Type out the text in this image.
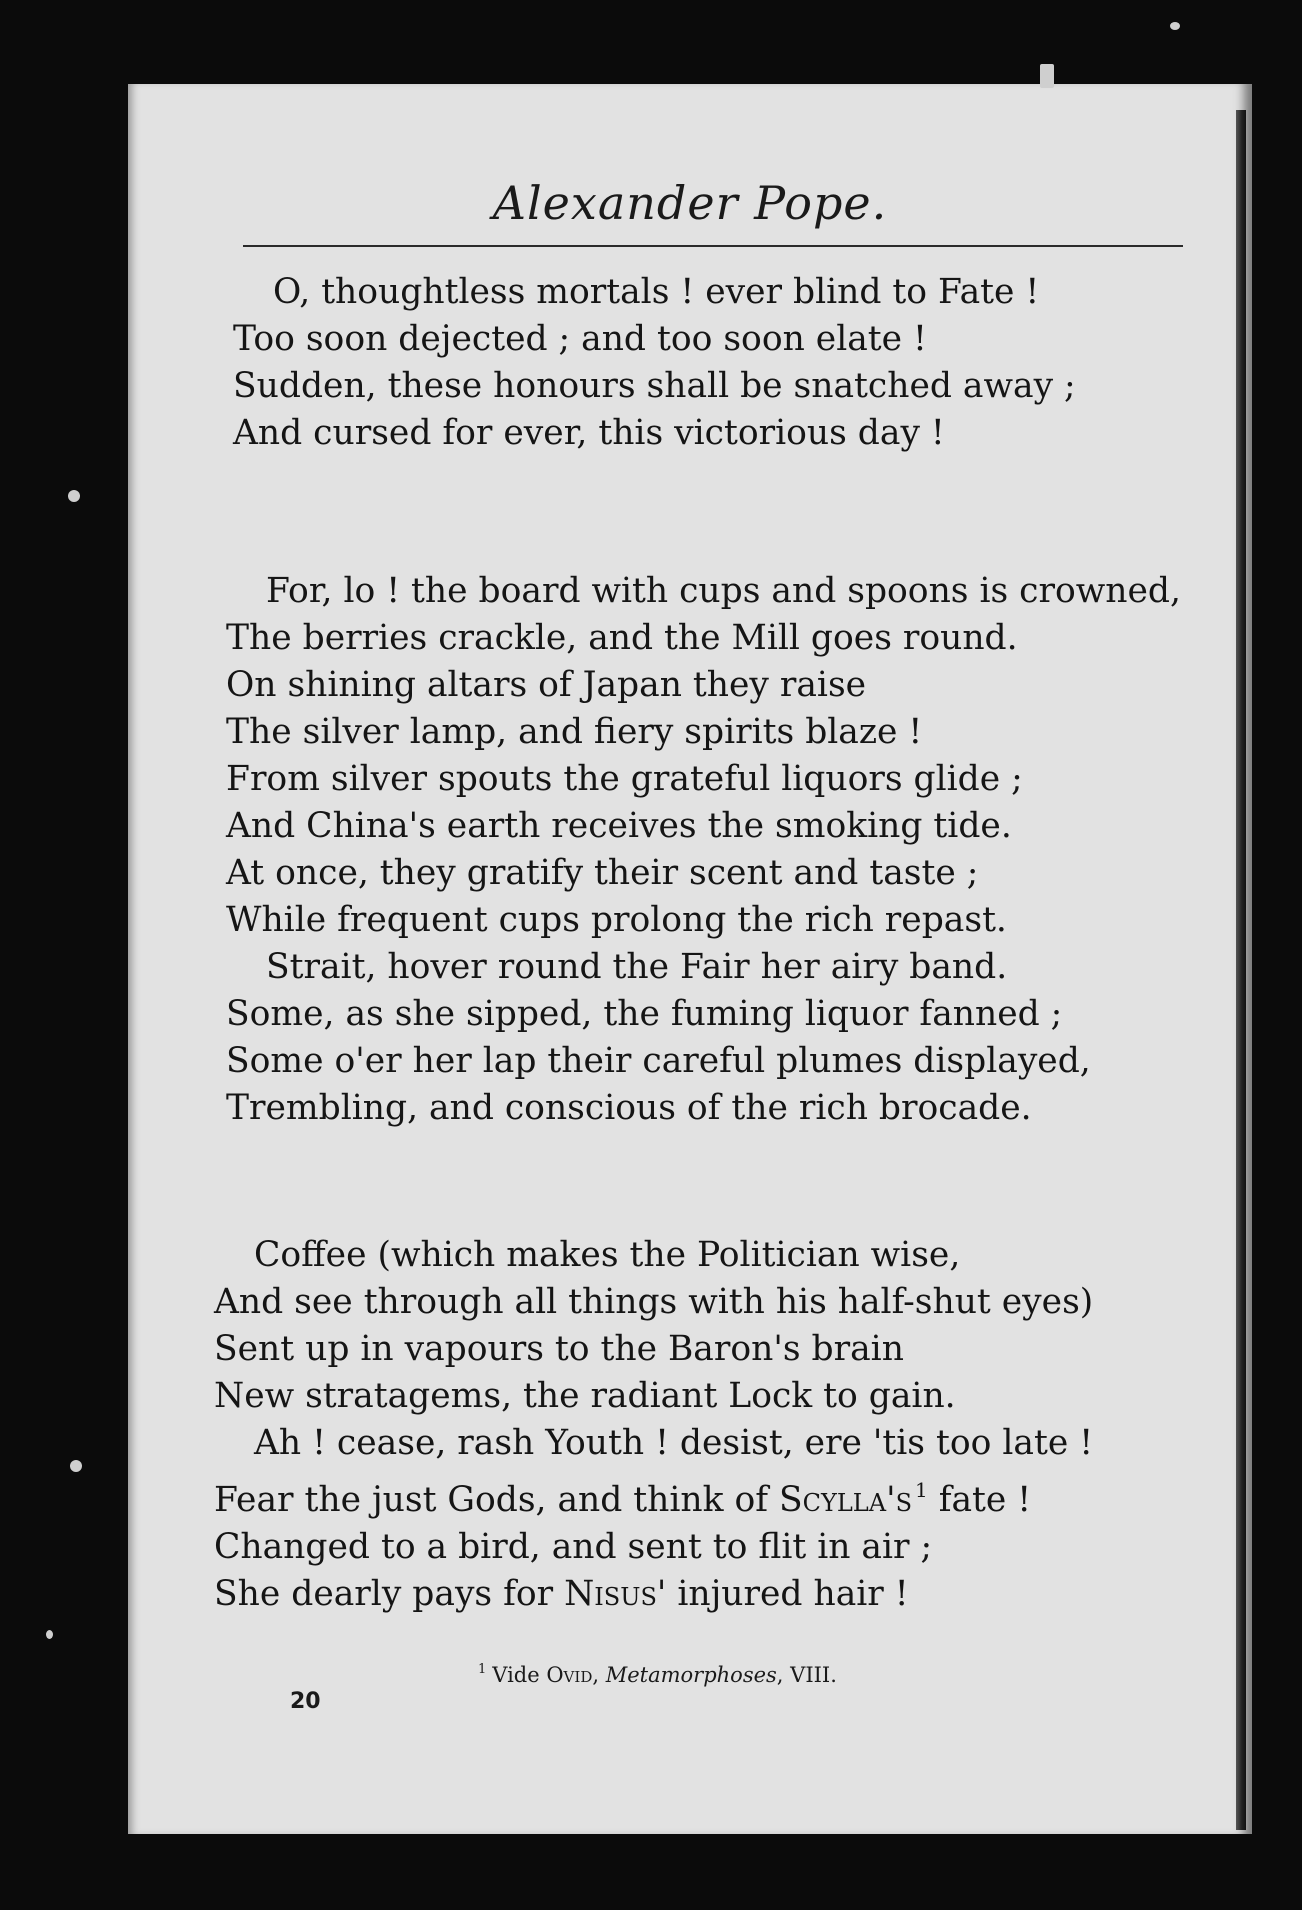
Alexander Pope.
O, thoughtless mortals ! ever blind to Fate !
Too soon dejected ; and too soon elate !
Sudden, these honours shall be snatched away ;
And cursed for ever, this victorious day !
For, lo ! the board with cups and spoons is crowned,
The berries crackle, and the Mill goes round.
On shining altars of Japan they raise
The silver lamp, and fiery spirits blaze !
From silver spouts the grateful liquors glide ;
And China's earth receives the smoking tide.
At once, they gratify their scent and taste ;
While frequent cups prolong the rich repast.
Strait, hover round the Fair her airy band.
Some, as she sipped, the fuming liquor fanned ;
Some o'er her lap their careful plumes displayed,
Trembling, and conscious of the rich brocade.
Coffee (which makes the Politician wise,
And see through all things with his half-shut eyes)
Sent up in vapours to the Baron's brain
New stratagems, the radiant Lock to gain.
Ah ! cease, rash Youth ! desist, ere 'tis too late !
Fear the just Gods, and think of Scylla's $^1$ fate !
Changed to a bird, and sent to flit in air ;
She dearly pays for Nisus' injured hair !
$^1$ Vide Ovid, Metamorphoses, VIII.
20
